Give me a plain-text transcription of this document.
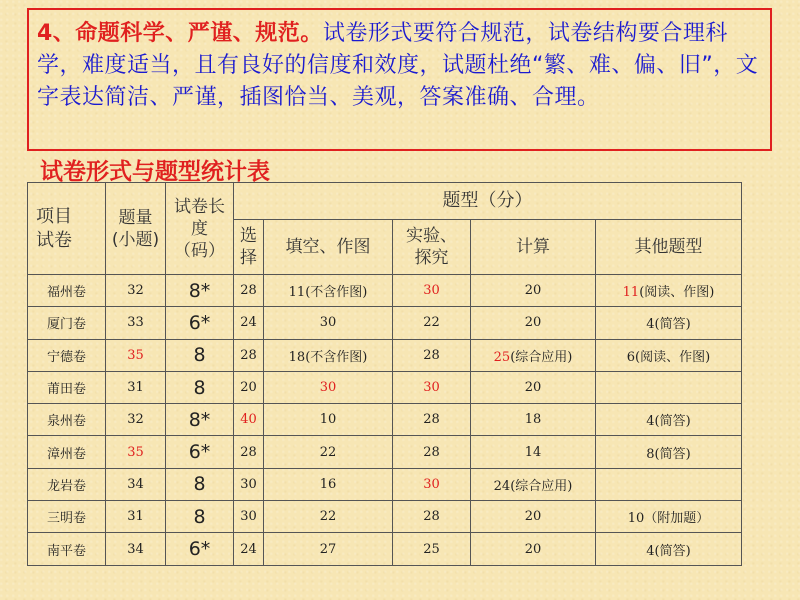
4、命题科学、严谨、规范。试卷形式要符合规范，试卷结构要合理科学，难度适当，且有良好的信度和效度，试题杜绝“繁、难、偏、旧”，文字表达简洁、严谨，插图恰当、美观，答案准确、合理。
试卷形式与题型统计表
项目
试卷	题量(小题)	试卷长度（码）	题型（分）				
			选择	填空、作图	实验、探究	计算	其他题型
福州卷	32	8*	28	11(不含作图)	30	20	11(阅读、作图)
厦门卷	33	6*	24	30	22	20	4(简答)
宁德卷	35	8	28	18(不含作图)	28	25(综合应用)	6(阅读、作图)
莆田卷	31	8	20	30	30	20	
泉州卷	32	8*	40	10	28	18	4(简答)
漳州卷	35	6*	28	22	28	14	8(简答)
龙岩卷	34	8	30	16	30	24(综合应用)	
三明卷	31	8	30	22	28	20	10（附加题）
南平卷	34	6*	24	27	25	20	4(简答)
